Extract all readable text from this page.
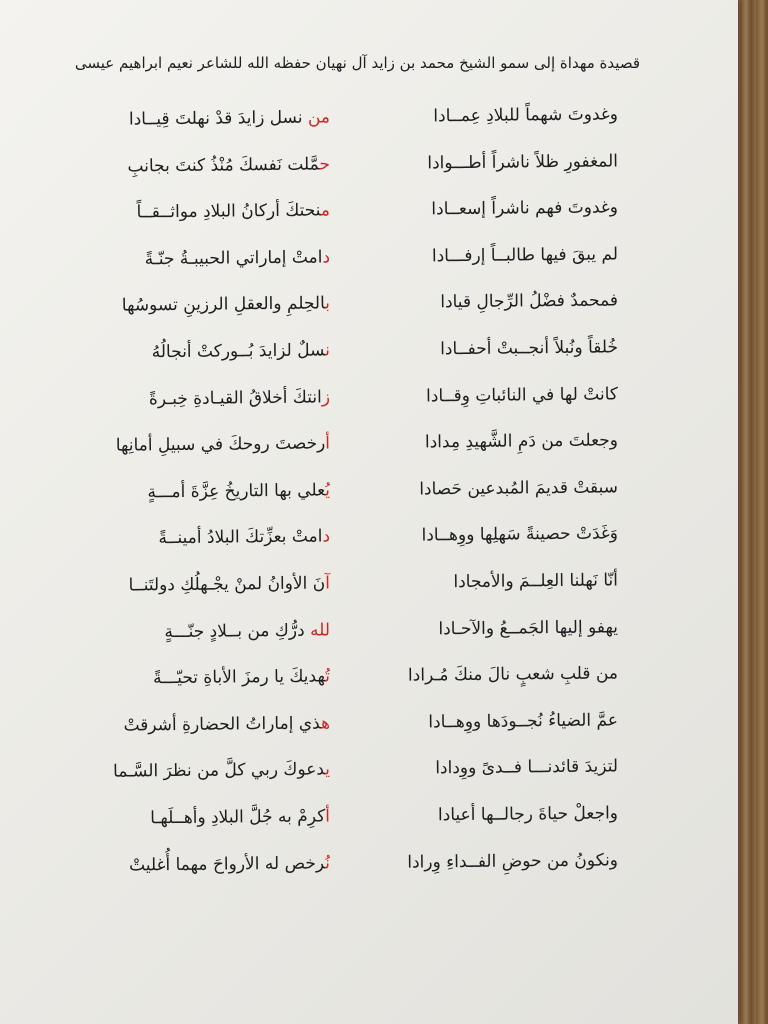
قصيدة مهداة إلى سمو الشيخ محمد بن زايد آل نهيان حفظه الله للشاعر نعيم ابراهيم عيسى
من نسل زايدَ قدْ نهلتَ قِيــادا	وغدوتَ شهماً للبلادِ عِمــادا
حمَّلت نَفسكَ مُنْذُ كنتَ بجانبِ	المغفورِ ظلاً ناشراً أطـــوادا
منحتكَ أركانُ البلادِ مواثــقــاً	وغدوتَ فهم ناشراً إسعــادا
دامتْ إماراتي الحبيبـةُ جنّـةً	لم يبقَ فيها طالبــاً إرفـــادا
بالحِلمِ والعقلِ الرزينِ تسوسُها	فمحمدٌ فضْلُ الرِّجالِ قيادا
نسلٌ لزايدَ بُــوركتْ أنجالُهُ	خُلقاً ونُبلاً أنجــبتْ أحفــادا
زانتكَ أخلاقُ القيـادةِ خِبـرةً	كانتْ لها في النائباتِ وِقــادا
أرخصتَ روحكَ في سبيلِ أمانِها	وجعلتَ من دَمِ الشَّهيدِ مِدادا
يُعلي بها التاريخُ عِزَّةَ أمـــةٍ	سبقتْ قديمَ المُبدعين حَصادا
دامتْ بعزِّتكَ البلادُ أمينــةً	وَغَدَتْ حصينةً سَهلِها ووِهــادا
آنَ الأوانُ لمنْ يجْـهلُكِ دولتَنــا	أنّا نَهلنا العِلــمَ والأمجادا
لله درُّكِ من بــلادٍ جنّـــةٍ	يهفو إليها الجَمــعُ والآحـادا
تُهديكَ يا رمزَ الأباةِ تحيّـــةً	من قلبِ شعبٍ نالَ منكَ مُـرادا
هذي إماراتُ الحضارةِ أشرقتْ	عمَّ الضياءُ نُجــودَها ووِهــادا
يدعوكَ ربي كلَّ من نظرَ السَّـما	لتزيدَ قائدنـــا فــدىً ووِدادا
أكرِمْ به جُلَّ البلادِ وأهــلَهـا	واجعلْ حياةَ رجالــها أعيادا
نُرخص له الأرواحَ مهما أُغليتْ	ونكونُ من حوضِ الفــداءِ وِرادا
